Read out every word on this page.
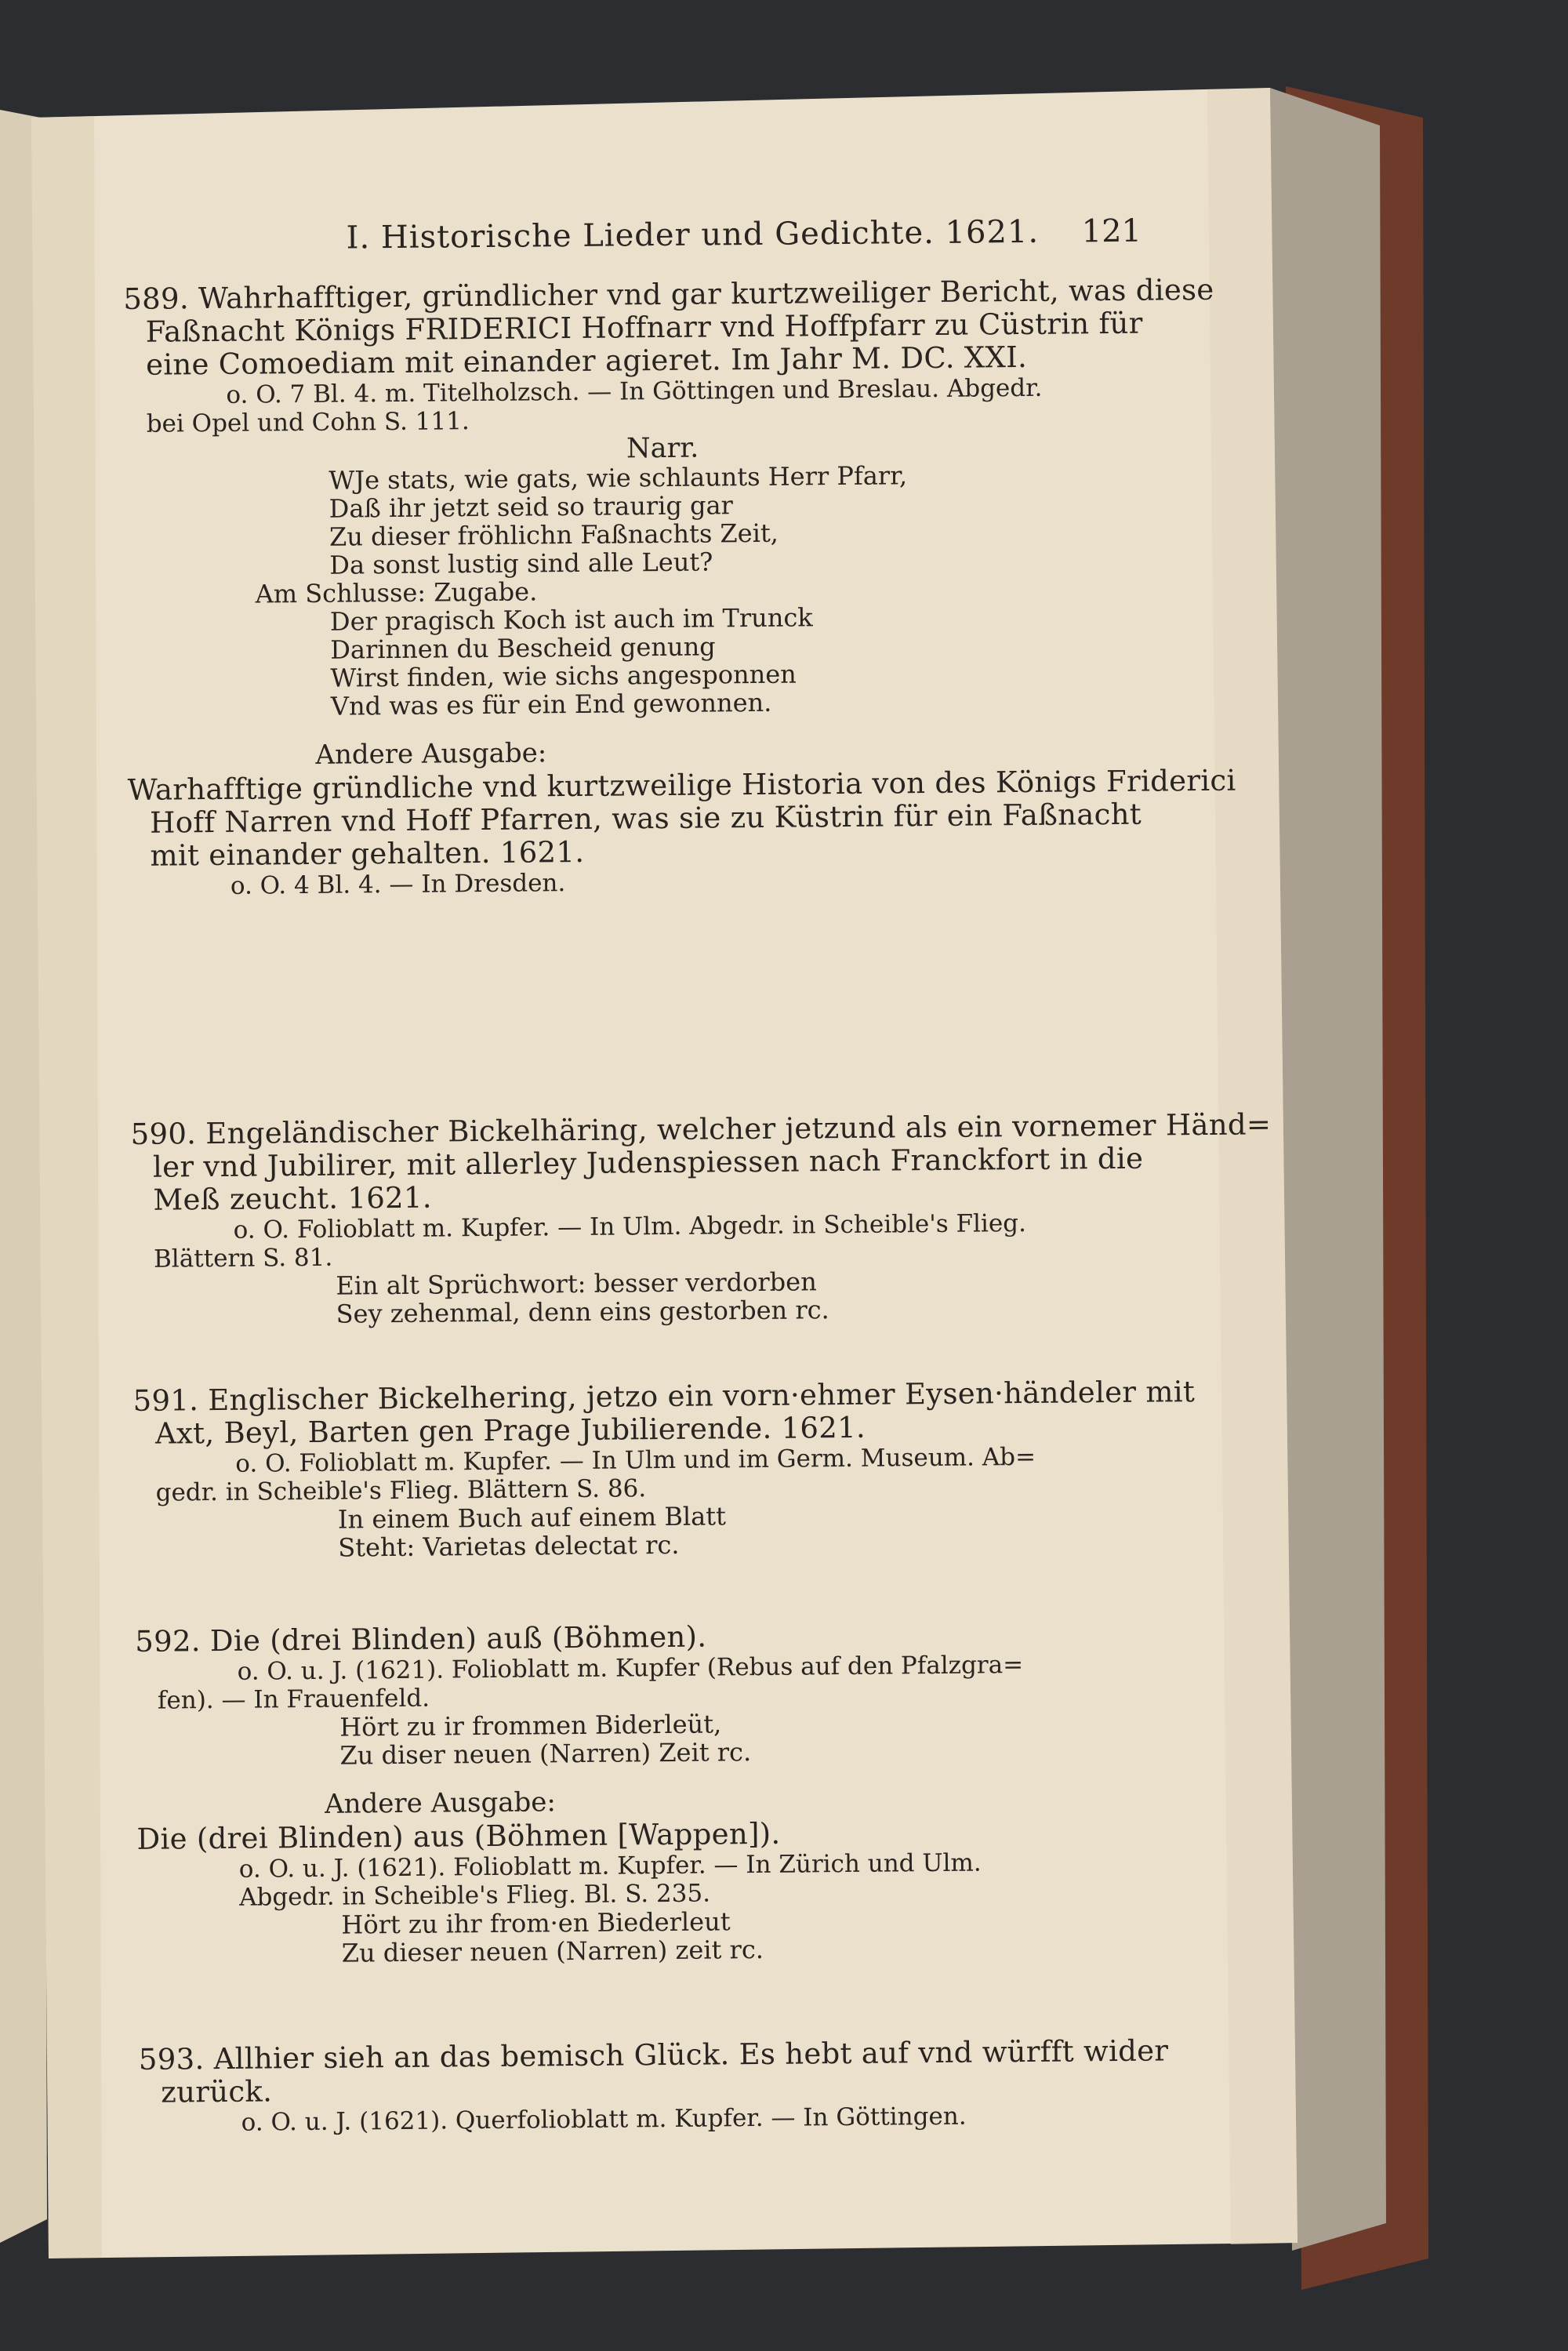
I. Historische Lieder und Gedichte. 1621. 121
589. Wahrhafftiger, gründlicher vnd gar kurtzweiliger Bericht, was diese
Faßnacht Königs FRIDERICI Hoffnarr vnd Hoffpfarr zu Cüstrin für
eine Comoediam mit einander agieret. Im Jahr M. DC. XXI.
o. O. 7 Bl. 4. m. Titelholzsch. — In Göttingen und Breslau. Abgedr.
bei Opel und Cohn S. 111.
Narr.
WJe stats, wie gats, wie schlaunts Herr Pfarr,
Daß ihr jetzt seid so traurig gar
Zu dieser fröhlichn Faßnachts Zeit,
Da sonst lustig sind alle Leut?
Am Schlusse: Zugabe.
Der pragisch Koch ist auch im Trunck
Darinnen du Bescheid genung
Wirst finden, wie sichs angesponnen
Vnd was es für ein End gewonnen.
Andere Ausgabe:
Warhafftige gründliche vnd kurtzweilige Historia von des Königs Friderici
Hoff Narren vnd Hoff Pfarren, was sie zu Küstrin für ein Faßnacht
mit einander gehalten. 1621.
o. O. 4 Bl. 4. — In Dresden.
590. Engeländischer Bickelhäring, welcher jetzund als ein vornemer Händ=
ler vnd Jubilirer, mit allerley Judenspiessen nach Franckfort in die
Meß zeucht. 1621.
o. O. Folioblatt m. Kupfer. — In Ulm. Abgedr. in Scheible's Flieg.
Blättern S. 81.
Ein alt Sprüchwort: besser verdorben
Sey zehenmal, denn eins gestorben rc.
591. Englischer Bickelhering, jetzo ein vorn·ehmer Eysen·händeler mit
Axt, Beyl, Barten gen Prage Jubilierende. 1621.
o. O. Folioblatt m. Kupfer. — In Ulm und im Germ. Museum. Ab=
gedr. in Scheible's Flieg. Blättern S. 86.
In einem Buch auf einem Blatt
Steht: Varietas delectat rc.
592. Die (drei Blinden) auß (Böhmen).
o. O. u. J. (1621). Folioblatt m. Kupfer (Rebus auf den Pfalzgra=
fen). — In Frauenfeld.
Hört zu ir frommen Biderleüt,
Zu diser neuen (Narren) Zeit rc.
Andere Ausgabe:
Die (drei Blinden) aus (Böhmen [Wappen]).
o. O. u. J. (1621). Folioblatt m. Kupfer. — In Zürich und Ulm.
Abgedr. in Scheible's Flieg. Bl. S. 235.
Hört zu ihr from·en Biederleut
Zu dieser neuen (Narren) zeit rc.
593. Allhier sieh an das bemisch Glück. Es hebt auf vnd würfft wider
zurück.
o. O. u. J. (1621). Querfolioblatt m. Kupfer. — In Göttingen.
